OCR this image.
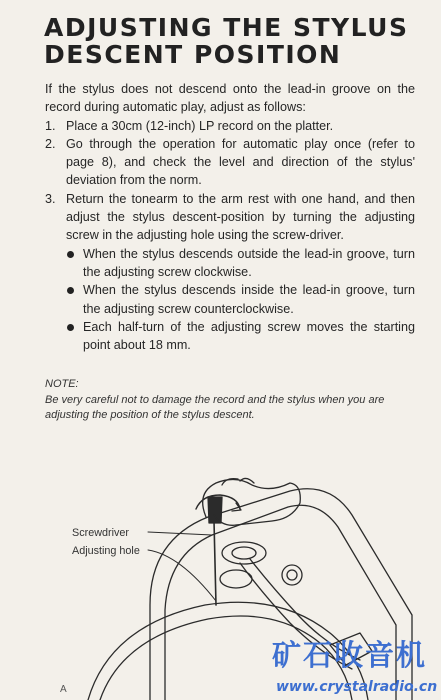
ADJUSTING THE STYLUS
DESCENT POSITION

If the stylus does not descend onto the lead-in groove on the record during automatic play, adjust as follows:

1. Place a 30cm (12-inch) LP record on the platter.

2. Go through the operation for automatic play once (refer to page 8), and check the level and direction of the stylus' deviation from the norm.

3. Return the tonearm to the arm rest with one hand, and then adjust the stylus descent-position by turning the adjusting screw in the adjusting hole using the screw-driver.

When the stylus descends outside the lead-in groove, turn the adjusting screw clockwise.

When the stylus descends inside the lead-in groove, turn the adjusting screw counterclockwise.

Each half-turn of the adjusting screw moves the starting point about 18 mm.

NOTE:
Be very careful not to damage the record and the stylus when you are adjusting the position of the stylus descent.
Screwdriver
Adjusting hole
A
矿石收音机
www.crystalradio.cn
